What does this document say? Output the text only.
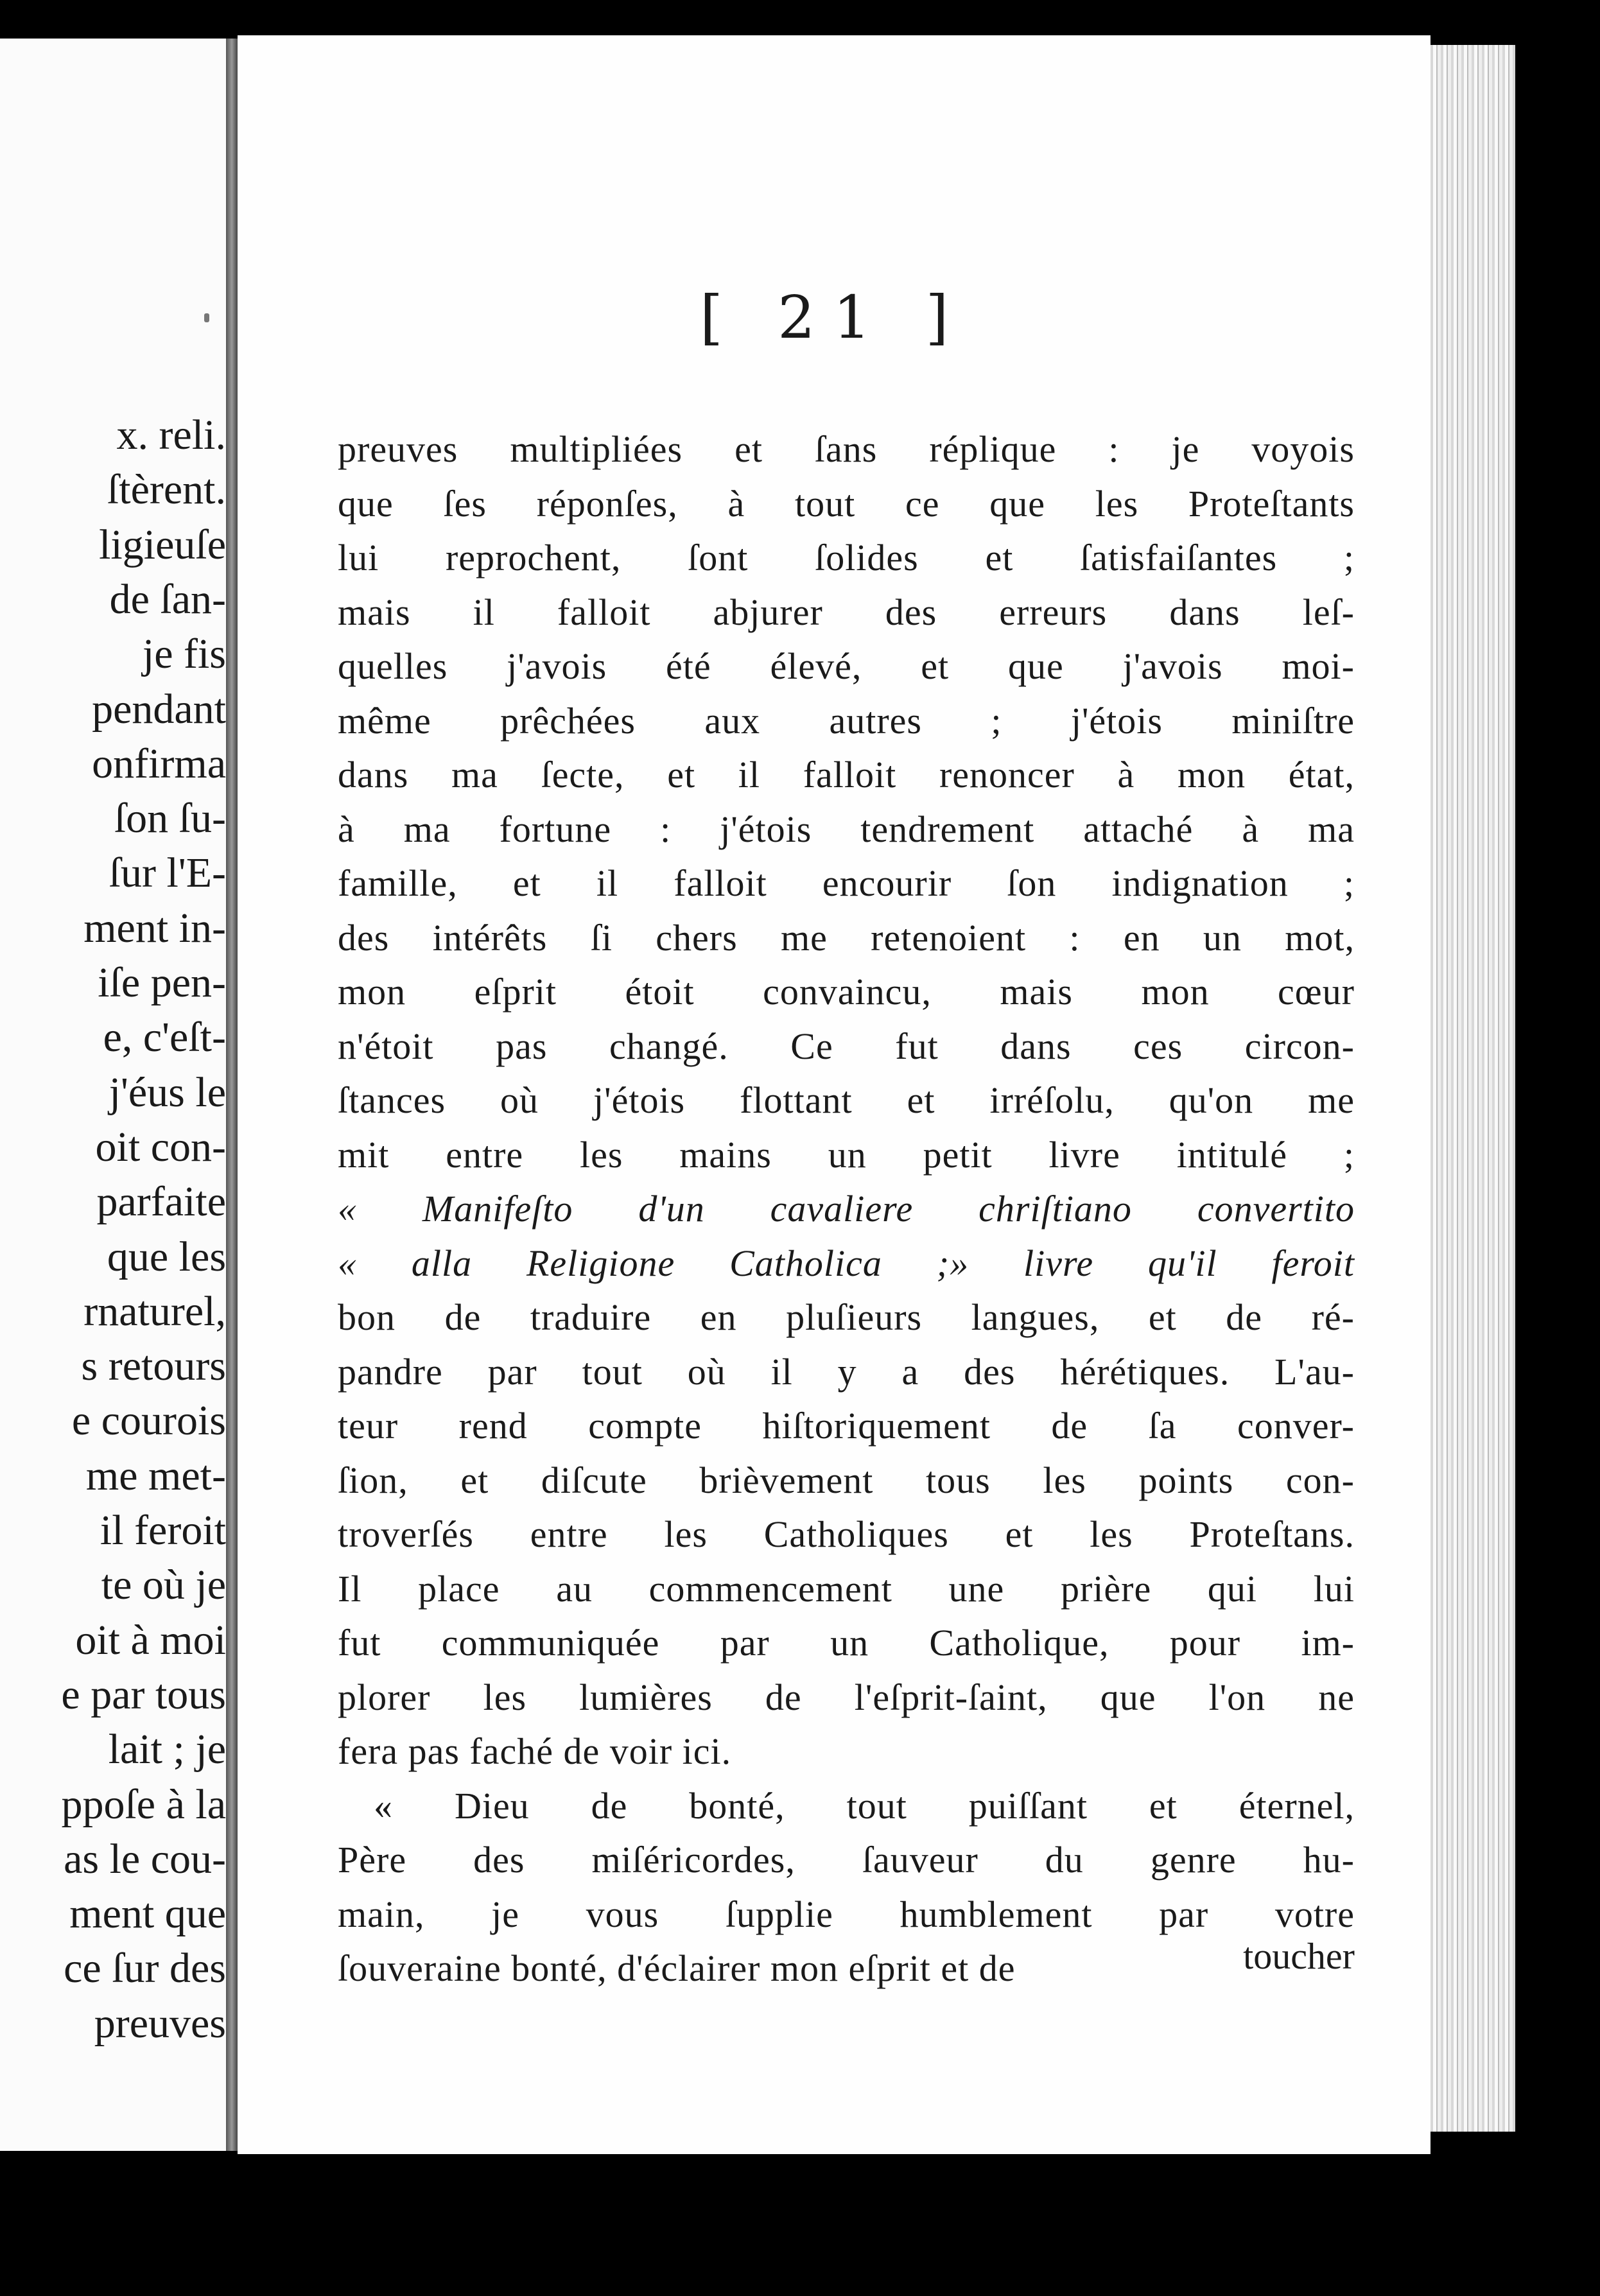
x. reli.
ſtèrent.
ligieuſe
de ſan-
je fis
pendant
onfirma
ſon ſu-
ſur l'E-
ment in-
iſe pen-
e, c'eſt-
j'éus le
oit con-
parfaite
que les
rnaturel,
s retours
e courois
me met-
il feroit
te où je
oit à moi
e par tous
lait ; je
ppoſe à la
as le cou-
ment que
ce ſur des
preuves
[ 21 ]
preuves multipliées et ſans réplique : je voyois
que ſes réponſes, à tout ce que les Proteſtants
lui reprochent, ſont ſolides et ſatisfaiſantes ;
mais il falloit abjurer des erreurs dans leſ-
quelles j'avois été élevé, et que j'avois moi-
même prêchées aux autres ; j'étois miniſtre
dans ma ſecte, et il falloit renoncer à mon état,
à ma fortune : j'étois tendrement attaché à ma
famille, et il falloit encourir ſon indignation ;
des intérêts ſi chers me retenoient : en un mot,
mon eſprit étoit convaincu, mais mon cœur
n'étoit pas changé. Ce fut dans ces circon-
ſtances où j'étois flottant et irréſolu, qu'on me
mit entre les mains un petit livre intitulé ;
« Manifeſto d'un cavaliere chriſtiano convertito
« alla Religione Catholica ;» livre qu'il feroit
bon de traduire en pluſieurs langues, et de ré-
pandre par tout où il y a des hérétiques. L'au-
teur rend compte hiſtoriquement de ſa conver-
ſion, et diſcute brièvement tous les points con-
troverſés entre les Catholiques et les Proteſtans.
Il place au commencement une prière qui lui
fut communiquée par un Catholique, pour im-
plorer les lumières de l'eſprit-ſaint, que l'on ne
fera pas faché de voir ici.
« Dieu de bonté, tout puiſſant et éternel,
Père des miſéricordes, ſauveur du genre hu-
main, je vous ſupplie humblement par votre
ſouveraine bonté, d'éclairer mon eſprit et de	toucher
